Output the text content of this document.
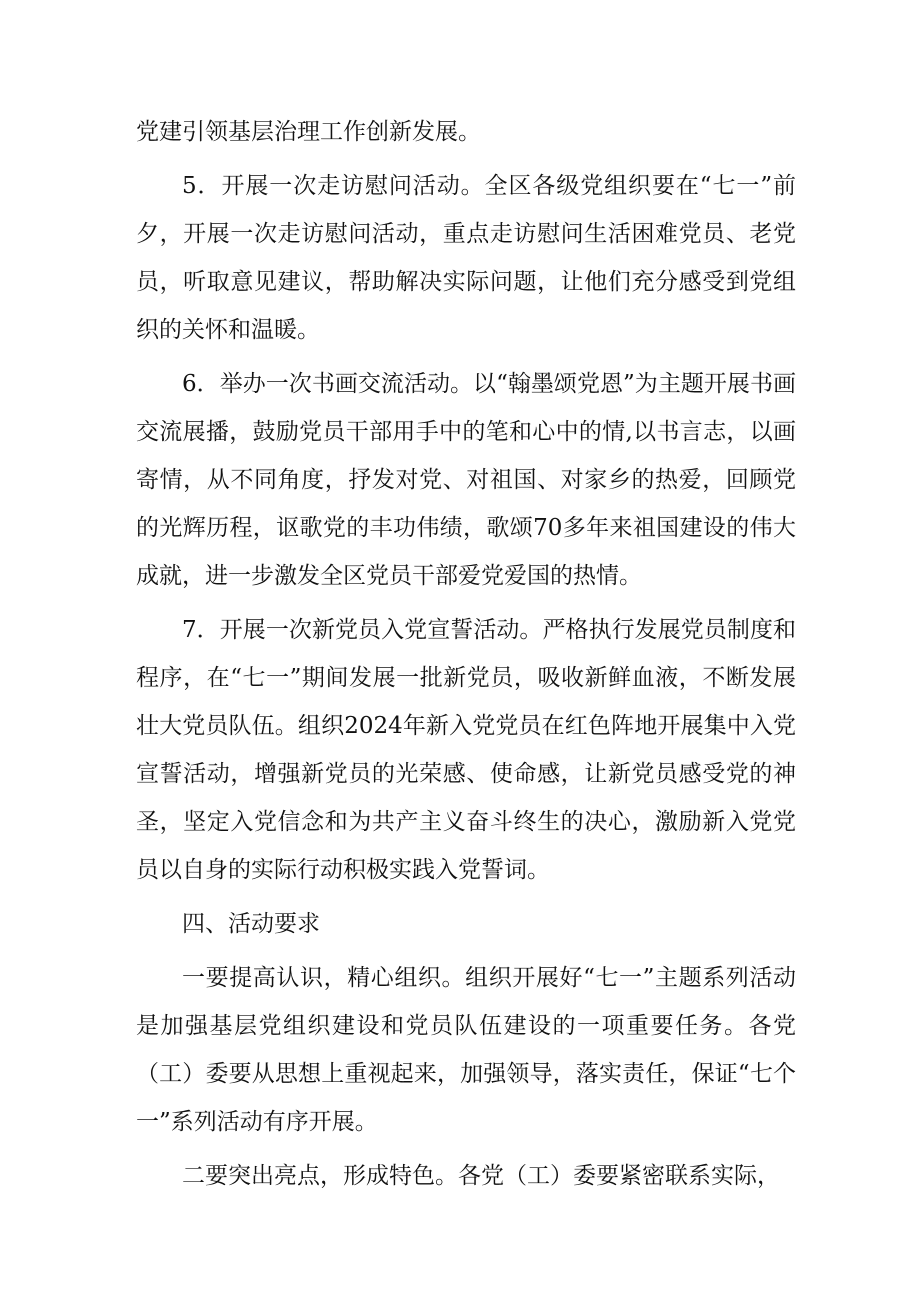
党建引领基层治理工作创新发展。

5．开展一次走访慰问活动。全区各级党组织要在“七一”前夕，开展一次走访慰问活动，重点走访慰问生活困难党员、老党员，听取意见建议，帮助解决实际问题，让他们充分感受到党组织的关怀和温暖。

6．举办一次书画交流活动。以“翰墨颂党恩”为主题开展书画交流展播，鼓励党员干部用手中的笔和心中的情,以书言志，以画寄情，从不同角度，抒发对党、对祖国、对家乡的热爱，回顾党的光辉历程，讴歌党的丰功伟绩，歌颂70多年来祖国建设的伟大成就，进一步激发全区党员干部爱党爱国的热情。

7．开展一次新党员入党宣誓活动。严格执行发展党员制度和程序，在“七一”期间发展一批新党员，吸收新鲜血液，不断发展壮大党员队伍。组织2024年新入党党员在红色阵地开展集中入党宣誓活动，增强新党员的光荣感、使命感，让新党员感受党的神圣，坚定入党信念和为共产主义奋斗终生的决心，激励新入党党员以自身的实际行动积极实践入党誓词。

四、活动要求

一要提高认识，精心组织。组织开展好“七一”主题系列活动是加强基层党组织建设和党员队伍建设的一项重要任务。各党（工）委要从思想上重视起来，加强领导，落实责任，保证“七个一”系列活动有序开展。

二要突出亮点，形成特色。各党（工）委要紧密联系实际，
